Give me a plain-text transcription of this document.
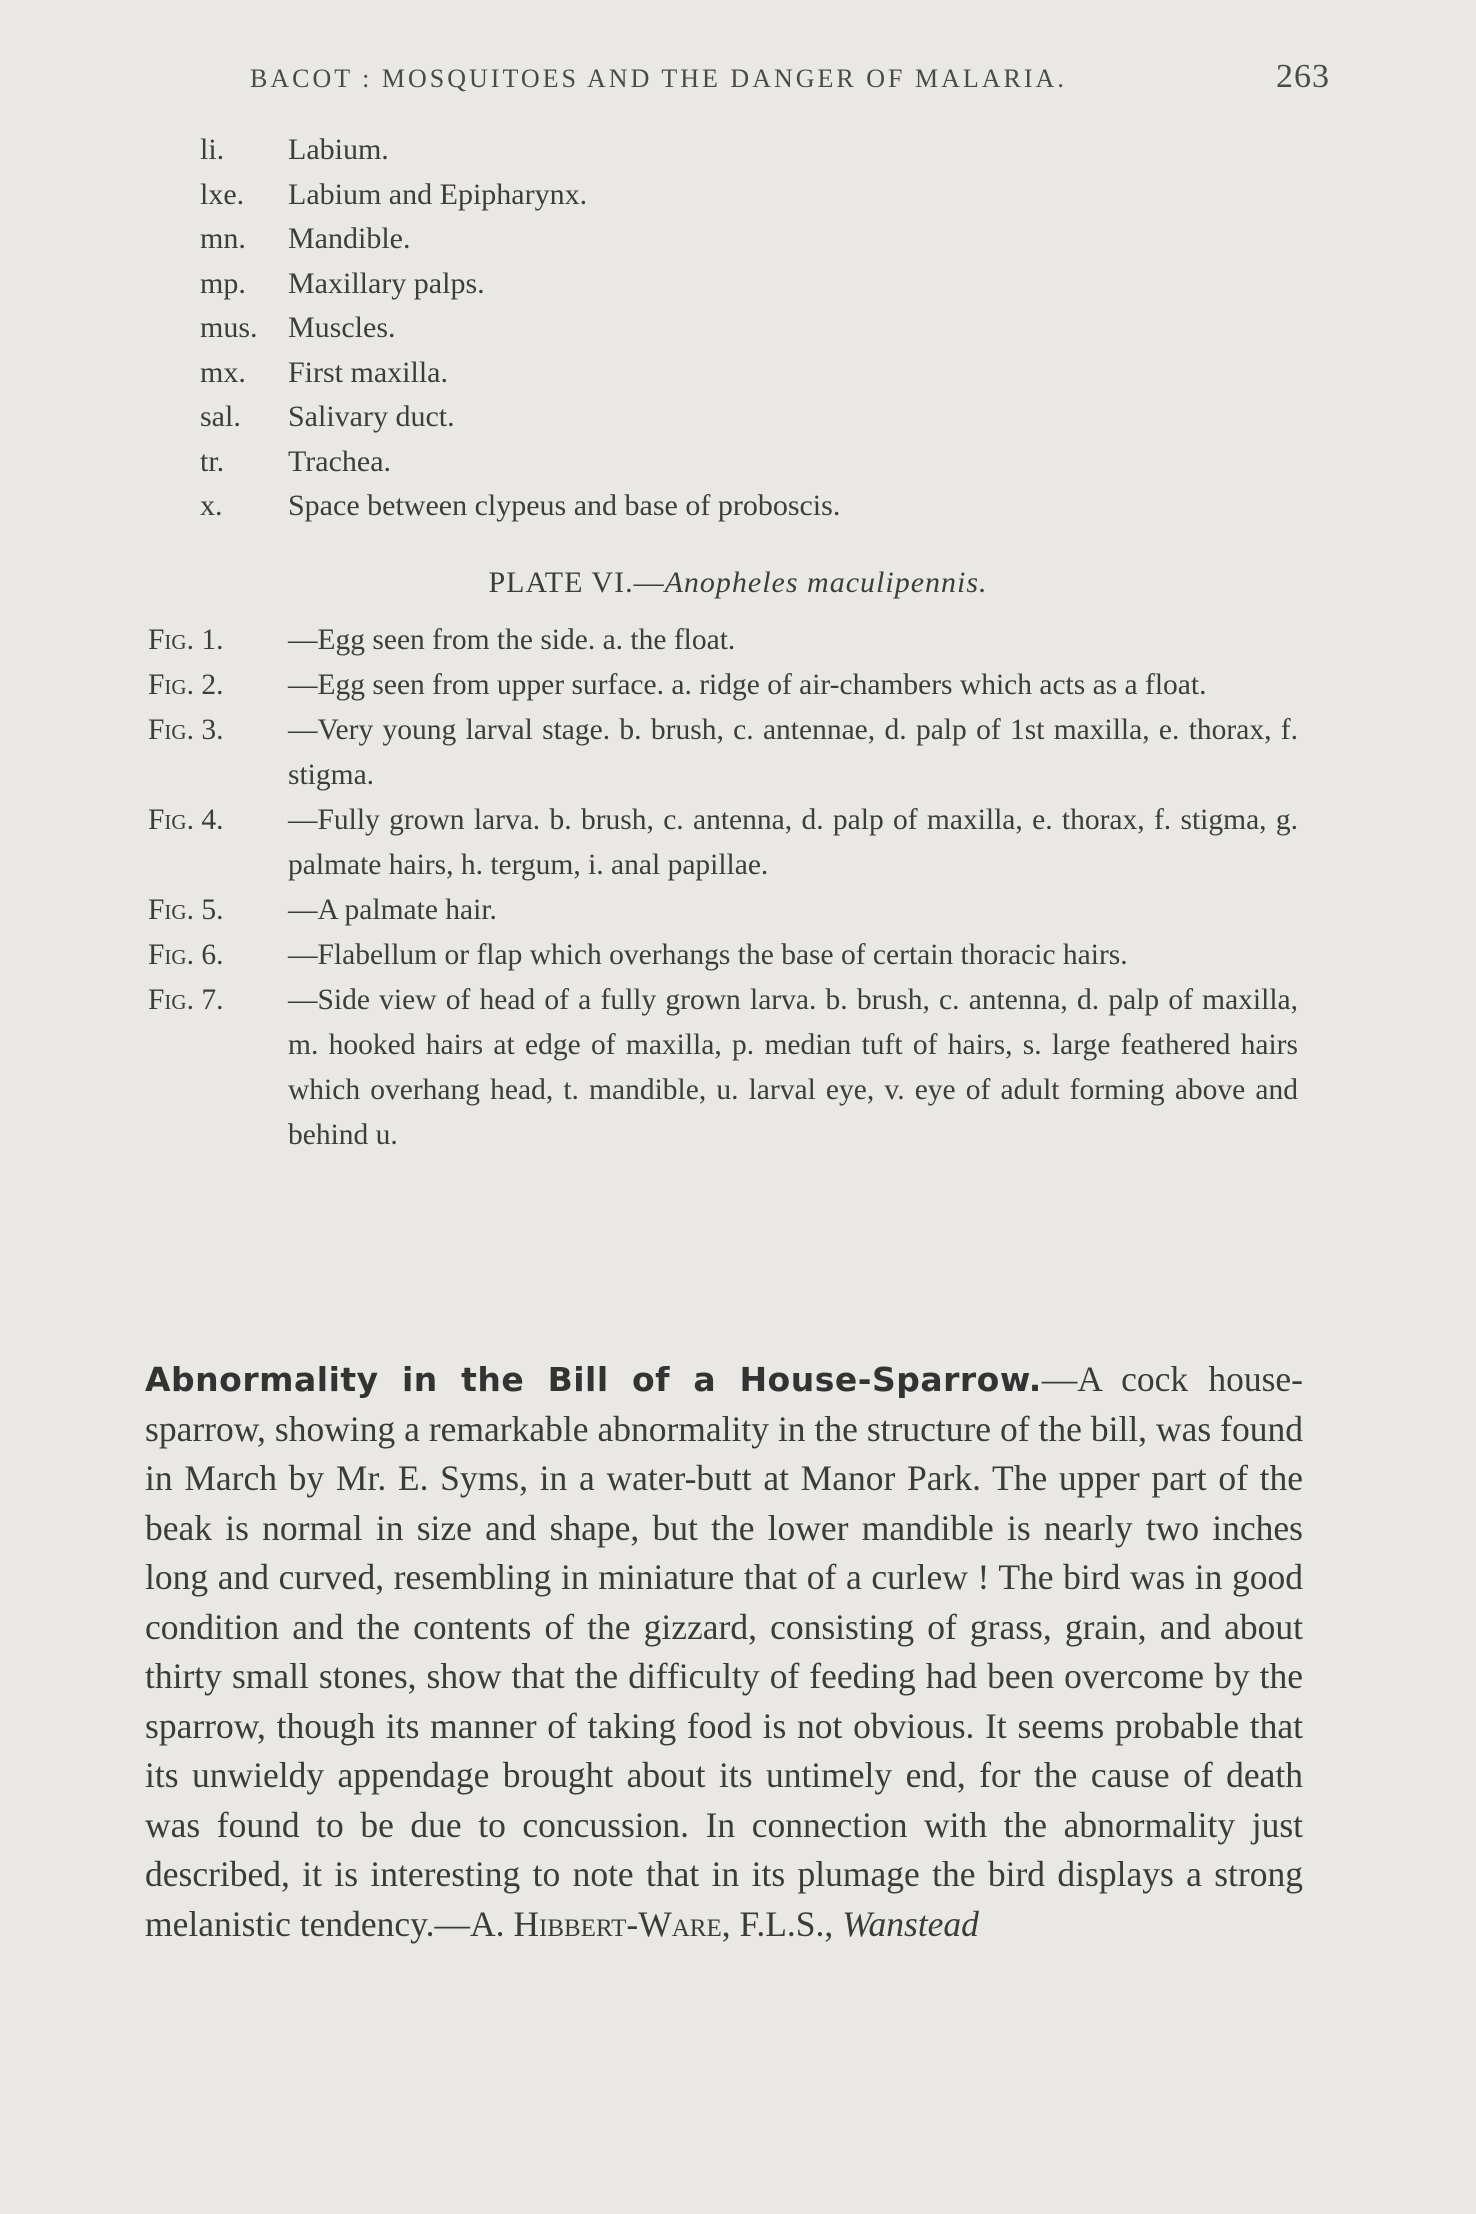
BACOT : MOSQUITOES AND THE DANGER OF MALARIA.	263
li. Labium.
lxe. Labium and Epipharynx.
mn. Mandible.
mp. Maxillary palps.
mus. Muscles.
mx. First maxilla.
sal. Salivary duct.
tr. Trachea.
x. Space between clypeus and base of proboscis.
PLATE VI.—Anopheles maculipennis.
Fig. 1. —Egg seen from the side. a. the float.
Fig. 2. —Egg seen from upper surface. a. ridge of air-chambers which acts as a float.
Fig. 3. —Very young larval stage. b. brush, c. antennae, d. palp of 1st maxilla, e. thorax, f. stigma.
Fig. 4. —Fully grown larva. b. brush, c. antenna, d. palp of maxilla, e. thorax, f. stigma, g. palmate hairs, h. tergum, i. anal papillae.
Fig. 5. —A palmate hair.
Fig. 6. —Flabellum or flap which overhangs the base of certain thoracic hairs.
Fig. 7. —Side view of head of a fully grown larva. b. brush, c. antenna, d. palp of maxilla, m. hooked hairs at edge of maxilla, p. median tuft of hairs, s. large feathered hairs which overhang head, t. mandible, u. larval eye, v. eye of adult forming above and behind u.
Abnormality in the Bill of a House-Sparrow.—A cock house-sparrow, showing a remarkable abnormality in the structure of the bill, was found in March by Mr. E. Syms, in a water-butt at Manor Park. The upper part of the beak is normal in size and shape, but the lower mandible is nearly two inches long and curved, resembling in miniature that of a curlew ! The bird was in good condition and the contents of the gizzard, consisting of grass, grain, and about thirty small stones, show that the difficulty of feeding had been overcome by the sparrow, though its manner of taking food is not obvious. It seems probable that its unwieldy appendage brought about its untimely end, for the cause of death was found to be due to concussion. In connection with the abnormality just described, it is interesting to note that in its plumage the bird displays a strong melanistic tendency.—A. Hibbert-Ware, F.L.S., Wanstead
